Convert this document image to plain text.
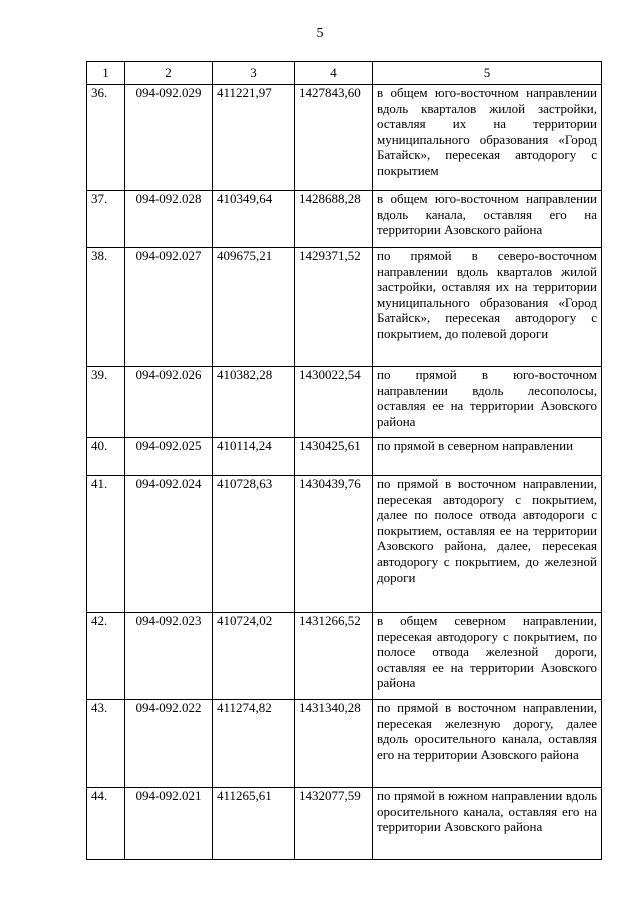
5
1	2	3	4	5
36.	094-092.029	411221,97	1427843,60	в общем юго-восточном направлении вдоль кварталов жилой застройки, оставляя их на территории муниципального образования «Город Батайск», пересекая автодорогу с покрытием
37.	094-092.028	410349,64	1428688,28	в общем юго-восточном направлении вдоль канала, оставляя его на территории Азовского района
38.	094-092.027	409675,21	1429371,52	по прямой в северо-восточном направлении вдоль кварталов жилой застройки, оставляя их на территории муниципального образования «Город Батайск», пересекая автодорогу с покрытием, до полевой дороги
39.	094-092.026	410382,28	1430022,54	по прямой в юго-восточном направлении вдоль лесополосы, оставляя ее на территории Азовского района
40.	094-092.025	410114,24	1430425,61	по прямой в северном направлении
41.	094-092.024	410728,63	1430439,76	по прямой в восточном направлении, пересекая автодорогу с покрытием, далее по полосе отвода автодороги с покрытием, оставляя ее на территории Азовского района, далее, пересекая автодорогу с покрытием, до железной дороги
42.	094-092.023	410724,02	1431266,52	в общем северном направлении, пересекая автодорогу с покрытием, по полосе отвода железной дороги, оставляя ее на территории Азовского района
43.	094-092.022	411274,82	1431340,28	по прямой в восточном направлении, пересекая железную дорогу, далее вдоль оросительного канала, оставляя его на территории Азовского района
44.	094-092.021	411265,61	1432077,59	по прямой в южном направлении вдоль оросительного канала, оставляя его на территории Азовского района
